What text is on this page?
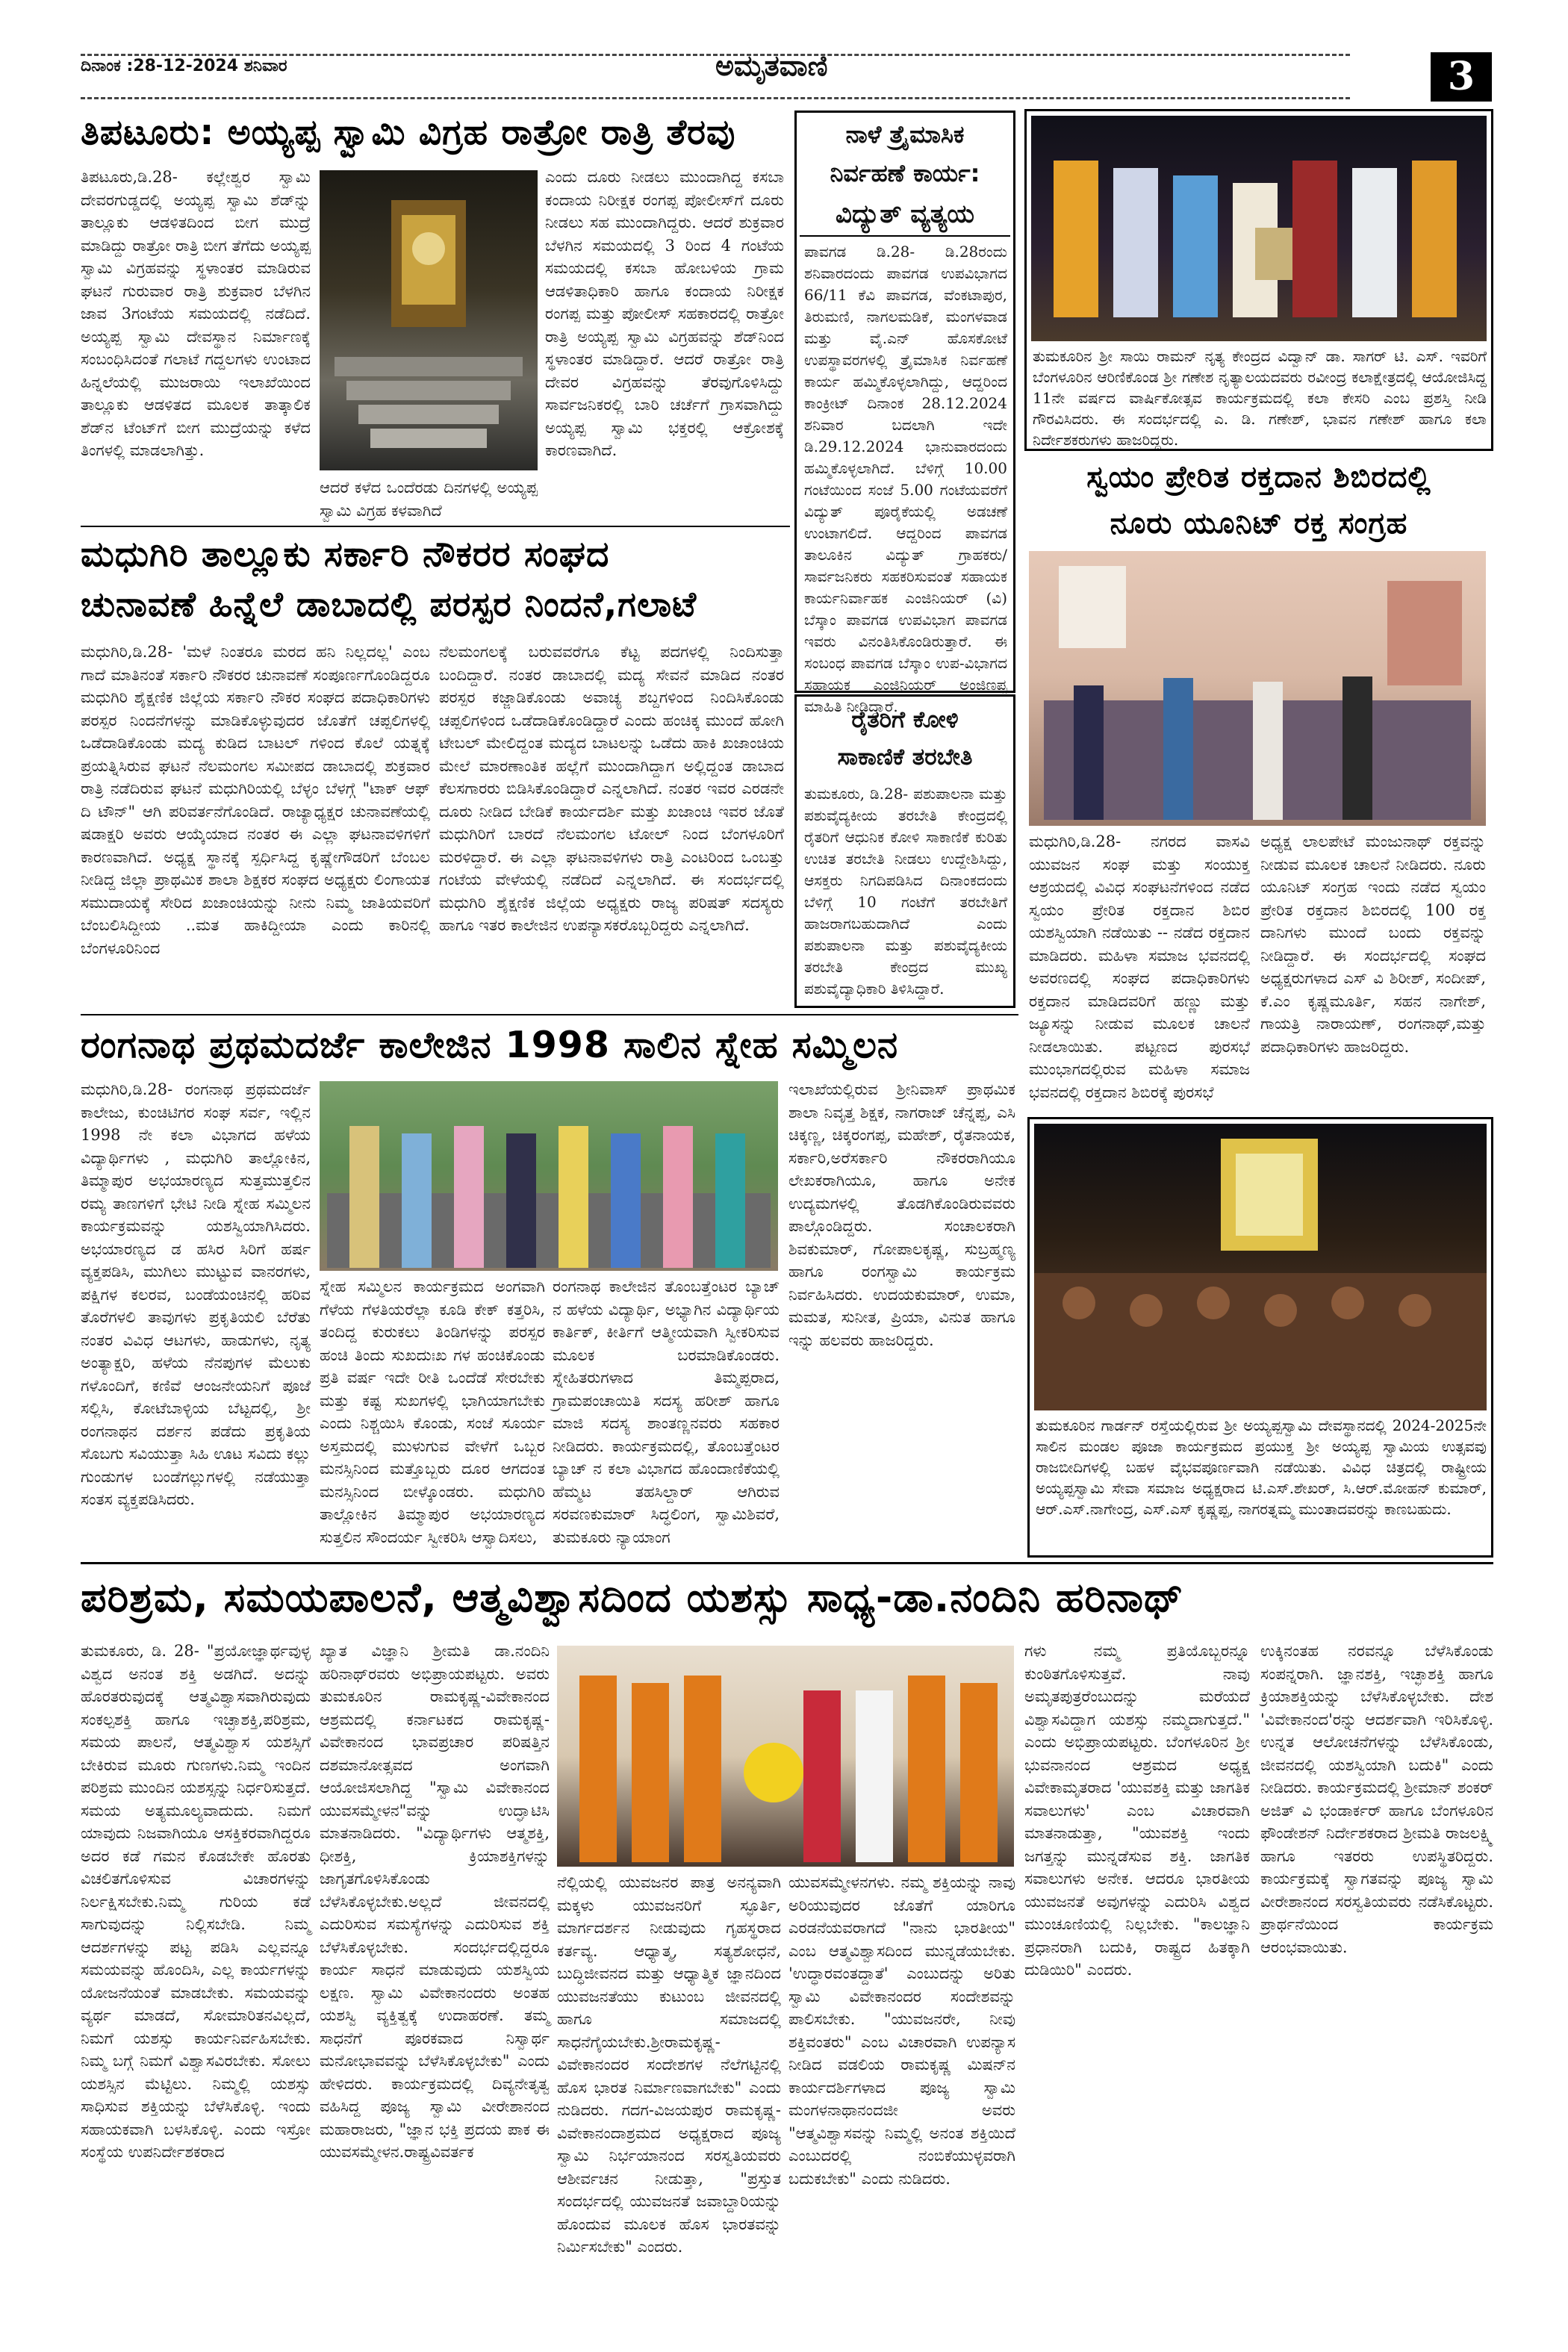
ದಿನಾಂಕ :28-12-2024 ಶನಿವಾರ	ಅಮೃತವಾಣಿ	3
ತಿಪಟೂರು: ಅಯ್ಯಪ್ಪ ಸ್ವಾಮಿ ವಿಗ್ರಹ ರಾತ್ರೋ ರಾತ್ರಿ ತೆರವು
ತಿಪಟೂರು,ಡಿ.28- ಕಲ್ಲೇಶ್ವರ ಸ್ವಾಮಿ ದೇವರಗುಡ್ಡದಲ್ಲಿ ಅಯ್ಯಪ್ಪ ಸ್ವಾಮಿ ಶೆಡ್‌ನ್ನು ತಾಲ್ಲೂಕು ಆಡಳಿತದಿಂದ ಬೀಗ ಮುದ್ರೆ ಮಾಡಿದ್ದು ರಾತ್ರೋ ರಾತ್ರಿ ಬೀಗ ತೆಗೆದು ಅಯ್ಯಪ್ಪ ಸ್ವಾಮಿ ವಿಗ್ರಹವನ್ನು ಸ್ಥಳಾಂತರ ಮಾಡಿರುವ ಘಟನೆ ಗುರುವಾರ ರಾತ್ರಿ ಶುಕ್ರವಾರ ಬೆಳಗಿನ ಜಾವ 3ಗಂಟೆಯ ಸಮಯದಲ್ಲಿ ನಡೆದಿದೆ. ಅಯ್ಯಪ್ಪ ಸ್ವಾಮಿ ದೇವಸ್ಥಾನ ನಿರ್ಮಾಣಕ್ಕೆ ಸಂಬಂಧಿಸಿದಂತೆ ಗಲಾಟೆ ಗದ್ದಲಗಳು ಉಂಟಾದ ಹಿನ್ನಲೆಯಲ್ಲಿ ಮುಜರಾಯಿ ಇಲಾಖೆಯಿಂದ ತಾಲ್ಲೂಕು ಆಡಳಿತದ ಮೂಲಕ ತಾತ್ಕಾಲಿಕ ಶೆಡ್‌ನ ಟೆಂಟ್‌ಗೆ ಬೀಗ ಮುದ್ರೆಯನ್ನು ಕಳೆದ ತಿಂಗಳಲ್ಲಿ ಮಾಡಲಾಗಿತ್ತು.
ಆದರೆ ಕಳೆದ ಒಂದೆರಡು ದಿನಗಳಲ್ಲಿ ಅಯ್ಯಪ್ಪ ಸ್ವಾಮಿ ವಿಗ್ರಹ ಕಳವಾಗಿದೆ
ಎಂದು ದೂರು ನೀಡಲು ಮುಂದಾಗಿದ್ದ ಕಸಬಾ ಕಂದಾಯ ನಿರೀಕ್ಷಕ ರಂಗಪ್ಪ ಪೋಲೀಸ್‌ಗೆ ದೂರು ನೀಡಲು ಸಹ ಮುಂದಾಗಿದ್ದರು. ಆದರೆ ಶುಕ್ರವಾರ ಬೆಳಗಿನ ಸಮಯದಲ್ಲಿ 3 ರಿಂದ 4 ಗಂಟೆಯ ಸಮಯದಲ್ಲಿ ಕಸಬಾ ಹೋಬಳಿಯ ಗ್ರಾಮ ಆಡಳಿತಾಧಿಕಾರಿ ಹಾಗೂ ಕಂದಾಯ ನಿರೀಕ್ಷಕ ರಂಗಪ್ಪ ಮತ್ತು ಪೋಲೀಸ್ ಸಹಕಾರದಲ್ಲಿ ರಾತ್ರೋ ರಾತ್ರಿ ಅಯ್ಯಪ್ಪ ಸ್ವಾಮಿ ವಿಗ್ರಹವನ್ನು ಶೆಡ್‌ನಿಂದ ಸ್ಥಳಾಂತರ ಮಾಡಿದ್ದಾರೆ. ಆದರೆ ರಾತ್ರೋ ರಾತ್ರಿ ದೇವರ ವಿಗ್ರಹವನ್ನು ತೆರವುಗೊಳಿಸಿದ್ದು ಸಾರ್ವಜನಿಕರಲ್ಲಿ ಬಾರಿ ಚರ್ಚೆಗೆ ಗ್ರಾಸವಾಗಿದ್ದು ಅಯ್ಯಪ್ಪ ಸ್ವಾಮಿ ಭಕ್ತರಲ್ಲಿ ಆಕ್ರೋಶಕ್ಕೆ ಕಾರಣವಾಗಿದೆ.
ಮಧುಗಿರಿ ತಾಲ್ಲೂಕು ಸರ್ಕಾರಿ ನೌಕರರ ಸಂಘದ
ಚುನಾವಣೆ ಹಿನ್ನೆಲೆ ಡಾಬಾದಲ್ಲಿ ಪರಸ್ಪರ ನಿಂದನೆ,ಗಲಾಟೆ
ಮಧುಗಿರಿ,ಡಿ.28- 'ಮಳೆ ನಿಂತರೂ ಮರದ ಹನಿ ನಿಲ್ಲದಲ್ಲ' ಎಂಬ ಗಾದೆ ಮಾತಿನಂತೆ ಸರ್ಕಾರಿ ನೌಕರರ ಚುನಾವಣೆ ಸಂಪೂರ್ಣಗೊಂಡಿದ್ದರೂ ಮಧುಗಿರಿ ಶೈಕ್ಷಣಿಕ ಜಿಲ್ಲೆಯ ಸರ್ಕಾರಿ ನೌಕರ ಸಂಘದ ಪದಾಧಿಕಾರಿಗಳು ಪರಸ್ಪರ ನಿಂದನೆಗಳನ್ನು ಮಾಡಿಕೊಳ್ಳುವುದರ ಜೊತೆಗೆ ಚಪ್ಪಲಿಗಳಲ್ಲಿ ಒಡೆದಾಡಿಕೊಂಡು ಮದ್ಯ ಕುಡಿದ ಬಾಟಲ್ ಗಳಿಂದ ಕೊಲೆ ಯತ್ನಕ್ಕೆ ಪ್ರಯತ್ನಿಸಿರುವ ಘಟನೆ ನೆಲಮಂಗಲ ಸಮೀಪದ ಡಾಬಾದಲ್ಲಿ ಶುಕ್ರವಾರ ರಾತ್ರಿ ನಡೆದಿರುವ ಘಟನೆ ಮಧುಗಿರಿಯಲ್ಲಿ ಬೆಳ್ಳಂ ಬೆಳಗ್ಗೆ "ಟಾಕ್ ಆಫ್ ದಿ ಟೌನ್" ಆಗಿ ಪರಿವರ್ತನೆಗೊಂಡಿದೆ. ರಾಜ್ಯಾಧ್ಯಕ್ಷರ ಚುನಾವಣೆಯಲ್ಲಿ ಷಡಾಕ್ಷರಿ ಅವರು ಆಯ್ಕೆಯಾದ ನಂತರ ಈ ಎಲ್ಲಾ ಘಟನಾವಳಿಗಳಿಗೆ ಕಾರಣವಾಗಿದೆ. ಅಧ್ಯಕ್ಷ ಸ್ಥಾನಕ್ಕೆ ಸ್ಪರ್ಧಿಸಿದ್ದ ಕೃಷ್ಣೇಗೌಡರಿಗೆ ಬೆಂಬಲ ನೀಡಿದ್ದ ಜಿಲ್ಲಾ ಪ್ರಾಥಮಿಕ ಶಾಲಾ ಶಿಕ್ಷಕರ ಸಂಘದ ಅಧ್ಯಕ್ಷರು ಲಿಂಗಾಯತ ಸಮುದಾಯಕ್ಕೆ ಸೇರಿದ ಖಜಾಂಚಿಯನ್ನು ನೀನು ನಿಮ್ಮ ಜಾತಿಯವರಿಗೆ ಬೆಂಬಲಿಸಿದ್ದೀಯ ..ಮತ ಹಾಕಿದ್ದೀಯಾ ಎಂದು ಕಾರಿನಲ್ಲಿ ಬೆಂಗಳೂರಿನಿಂದ
ನೆಲಮಂಗಲಕ್ಕೆ ಬರುವವರೆಗೂ ಕೆಟ್ಟ ಪದಗಳಲ್ಲಿ ನಿಂದಿಸುತ್ತಾ ಬಂದಿದ್ದಾರೆ. ನಂತರ ಡಾಬಾದಲ್ಲಿ ಮದ್ಯ ಸೇವನೆ ಮಾಡಿದ ನಂತರ ಪರಸ್ಪರ ಕಜ್ಜಾಡಿಕೊಂಡು ಅವಾಚ್ಯ ಶಬ್ದಗಳಿಂದ ನಿಂದಿಸಿಕೊಂಡು ಚಪ್ಪಲಿಗಳಿಂದ ಒಡೆದಾಡಿಕೊಂಡಿದ್ದಾರೆ ಎಂದು ಹಂಚಿಕ್ಕ ಮುಂದೆ ಹೋಗಿ ಟೇಬಲ್ ಮೇಲಿದ್ದಂತ ಮದ್ಯದ ಬಾಟಲನ್ನು ಒಡೆದು ಹಾಕಿ ಖಜಾಂಚಿಯ ಮೇಲೆ ಮಾರಣಾಂತಿಕ ಹಲ್ಲೆಗೆ ಮುಂದಾಗಿದ್ದಾಗ ಅಲ್ಲಿದ್ದಂತ ಡಾಬಾದ ಕೆಲಸಗಾರರು ಬಿಡಿಸಿಕೊಂಡಿದ್ದಾರೆ ಎನ್ನಲಾಗಿದೆ. ನಂತರ ಇವರ ಎರಡನೇ ದೂರು ನೀಡಿದ ಬೇಡಿಕೆ ಕಾರ್ಯದರ್ಶಿ ಮತ್ತು ಖಜಾಂಚಿ ಇವರ ಜೊತೆ ಮಧುಗಿರಿಗೆ ಬಾರದೆ ನೆಲಮಂಗಲ ಟೋಲ್ ನಿಂದ ಬೆಂಗಳೂರಿಗೆ ಮರಳಿದ್ದಾರೆ. ಈ ಎಲ್ಲಾ ಘಟನಾವಳಿಗಳು ರಾತ್ರಿ ಎಂಟರಿಂದ ಒಂಬತ್ತು ಗಂಟೆಯ ವೇಳೆಯಲ್ಲಿ ನಡೆದಿದೆ ಎನ್ನಲಾಗಿದೆ. ಈ ಸಂದರ್ಭದಲ್ಲಿ ಮಧುಗಿರಿ ಶೈಕ್ಷಣಿಕ ಜಿಲ್ಲೆಯ ಅಧ್ಯಕ್ಷರು ರಾಜ್ಯ ಪರಿಷತ್ ಸದಸ್ಯರು ಹಾಗೂ ಇತರ ಕಾಲೇಜಿನ ಉಪನ್ಯಾಸಕರೊಬ್ಬರಿದ್ದರು ಎನ್ನಲಾಗಿದೆ.
ನಾಳೆ ತ್ರೈಮಾಸಿಕ
ನಿರ್ವಹಣೆ ಕಾರ್ಯ:
ವಿದ್ಯುತ್ ವ್ಯತ್ಯಯ
ಪಾವಗಡ ಡಿ.28- ಡಿ.28ರಂದು ಶನಿವಾರದಂದು ಪಾವಗಡ ಉಪವಿಭಾಗದ 66/11 ಕೆವಿ ಪಾವಗಡ, ವೆಂಕಟಾಪುರ, ತಿರುಮಣಿ, ನಾಗಲಮಡಿಕೆ, ಮಂಗಳವಾಡ ಮತ್ತು ವೈ.ಎನ್ ಹೊಸಕೋಟೆ ಉಪಸ್ಥಾವರಗಳಲ್ಲಿ ತ್ರೈಮಾಸಿಕ ನಿರ್ವಹಣೆ ಕಾರ್ಯ ಹಮ್ಮಿಕೊಳ್ಳಲಾಗಿದ್ದು, ಆದ್ದರಿಂದ ಕಾಂಕ್ರೀಟ್ ದಿನಾಂಕ 28.12.2024 ಶನಿವಾರ ಬದಲಾಗಿ ಇದೇ ಡಿ.29.12.2024 ಭಾನುವಾರದಂದು ಹಮ್ಮಿಕೊಳ್ಳಲಾಗಿದೆ. ಬೆಳಿಗ್ಗೆ 10.00 ಗಂಟೆಯಿಂದ ಸಂಜೆ 5.00 ಗಂಟೆಯವರೆಗೆ ವಿದ್ಯುತ್ ಪೂರೈಕೆಯಲ್ಲಿ ಅಡಚಣೆ ಉಂಟಾಗಲಿದೆ. ಆದ್ದರಿಂದ ಪಾವಗಡ ತಾಲೂಕಿನ ವಿದ್ಯುತ್ ಗ್ರಾಹಕರು/ ಸಾರ್ವಜನಿಕರು ಸಹಕರಿಸುವಂತೆ ಸಹಾಯಕ ಕಾರ್ಯನಿರ್ವಾಹಕ ಎಂಜಿನಿಯರ್ (ವಿ) ಬೆಸ್ಕಾಂ ಪಾವಗಡ ಉಪವಿಭಾಗ ಪಾವಗಡ ಇವರು ವಿನಂತಿಸಿಕೊಂಡಿರುತ್ತಾರೆ. ಈ ಸಂಬಂಧ ಪಾವಗಡ ಬೆಸ್ಕಾಂ ಉಪ-ವಿಭಾಗದ ಸಹಾಯಕ ಎಂಜಿನಿಯರ್ ಅಂಜಿಣಪ್ಪ ಮಾಹಿತಿ ನೀಡಿದ್ದಾರೆ.
ರೈತರಿಗೆ ಕೋಳಿ
ಸಾಕಾಣಿಕೆ ತರಬೇತಿ
ತುಮಕೂರು, ಡಿ.28- ಪಶುಪಾಲನಾ ಮತ್ತು ಪಶುವೈದ್ಯಕೀಯ ತರಬೇತಿ ಕೇಂದ್ರದಲ್ಲಿ ರೈತರಿಗೆ ಆಧುನಿಕ ಕೋಳಿ ಸಾಕಾಣಿಕೆ ಕುರಿತು ಉಚಿತ ತರಬೇತಿ ನೀಡಲು ಉದ್ದೇಶಿಸಿದ್ದು, ಆಸಕ್ತರು ನಿಗದಿಪಡಿಸಿದ ದಿನಾಂಕದಂದು ಬೆಳಿಗ್ಗೆ 10 ಗಂಟೆಗೆ ತರಬೇತಿಗೆ ಹಾಜರಾಗಬಹುದಾಗಿದೆ ಎಂದು ಪಶುಪಾಲನಾ ಮತ್ತು ಪಶುವೈದ್ಯಕೀಯ ತರಬೇತಿ ಕೇಂದ್ರದ ಮುಖ್ಯ ಪಶುವೈದ್ಯಾಧಿಕಾರಿ ತಿಳಿಸಿದ್ದಾರೆ.
ತುಮಕೂರಿನ ಶ್ರೀ ಸಾಯಿ ರಾಮನ್ ನೃತ್ಯ ಕೇಂದ್ರದ ವಿದ್ವಾನ್ ಡಾ. ಸಾಗರ್ ಟಿ. ಎಸ್. ಇವರಿಗೆ ಬೆಂಗಳೂರಿನ ಆರಿಣಿಕೊಂಡ ಶ್ರೀ ಗಣೇಶ ನೃತ್ಯಾಲಯದವರು ರವೀಂದ್ರ ಕಲಾಕ್ಷೇತ್ರದಲ್ಲಿ ಆಯೋಜಿಸಿದ್ದ 11ನೇ ವರ್ಷದ ವಾರ್ಷಿಕೋತ್ಸವ ಕಾರ್ಯಕ್ರಮದಲ್ಲಿ ಕಲಾ ಕೇಸರಿ ಎಂಬ ಪ್ರಶಸ್ತಿ ನೀಡಿ ಗೌರವಿಸಿದರು. ಈ ಸಂದರ್ಭದಲ್ಲಿ ಎ. ಡಿ. ಗಣೇಶ್, ಭಾವನ ಗಣೇಶ್ ಹಾಗೂ ಕಲಾ ನಿರ್ದೇಶಕರುಗಳು ಹಾಜರಿದ್ದರು.
ಸ್ವಯಂ ಪ್ರೇರಿತ ರಕ್ತದಾನ ಶಿಬಿರದಲ್ಲಿ
ನೂರು ಯೂನಿಟ್ ರಕ್ತ ಸಂಗ್ರಹ
ಮಧುಗಿರಿ,ಡಿ.28- ನಗರದ ವಾಸವಿ ಯುವಜನ ಸಂಘ ಮತ್ತು ಸಂಯುಕ್ತ ಆಶ್ರಯದಲ್ಲಿ ವಿವಿಧ ಸಂಘಟನೆಗಳಿಂದ ನಡೆದ ಸ್ವಯಂ ಪ್ರೇರಿತ ರಕ್ತದಾನ ಶಿಬಿರ ಯಶಸ್ವಿಯಾಗಿ ನಡೆಯಿತು -- ನಡೆದ ರಕ್ತದಾನ ಮಾಡಿದರು. ಮಹಿಳಾ ಸಮಾಜ ಭವನದಲ್ಲಿ ಅವರಣದಲ್ಲಿ ಸಂಘದ ಪದಾಧಿಕಾರಿಗಳು ರಕ್ತದಾನ ಮಾಡಿದವರಿಗೆ ಹಣ್ಣು ಮತ್ತು ಜ್ಯೂಸನ್ನು ನೀಡುವ ಮೂಲಕ ಚಾಲನೆ ನೀಡಲಾಯಿತು. ಪಟ್ಟಣದ ಪುರಸಭೆ ಮುಂಭಾಗದಲ್ಲಿರುವ ಮಹಿಳಾ ಸಮಾಜ ಭವನದಲ್ಲಿ ರಕ್ತದಾನ ಶಿಬಿರಕ್ಕೆ ಪುರಸಭೆ
ಅಧ್ಯಕ್ಷ ಲಾಲಪೇಟೆ ಮಂಜುನಾಥ್ ರಕ್ತವನ್ನು ನೀಡುವ ಮೂಲಕ ಚಾಲನೆ ನೀಡಿದರು. ನೂರು ಯೂನಿಟ್ ಸಂಗ್ರಹ ಇಂದು ನಡೆದ ಸ್ವಯಂ ಪ್ರೇರಿತ ರಕ್ತದಾನ ಶಿಬಿರದಲ್ಲಿ 100 ರಕ್ತ ದಾನಿಗಳು ಮುಂದೆ ಬಂದು ರಕ್ತವನ್ನು ನೀಡಿದ್ದಾರೆ. ಈ ಸಂದರ್ಭದಲ್ಲಿ ಸಂಘದ ಅಧ್ಯಕ್ಷರುಗಳಾದ ಎಸ್ ವಿ ಶಿರೀಶ್, ಸಂದೀಪ್, ಕೆ.ಎಂ ಕೃಷ್ಣಮೂರ್ತಿ, ಸಹನ ನಾಗೇಶ್, ಗಾಯತ್ರಿ ನಾರಾಯಣ್, ರಂಗನಾಥ್,ಮತ್ತು ಪದಾಧಿಕಾರಿಗಳು ಹಾಜರಿದ್ದರು.
ರಂಗನಾಥ ಪ್ರಥಮದರ್ಜೆ ಕಾಲೇಜಿನ 1998 ಸಾಲಿನ ಸ್ನೇಹ ಸಮ್ಮಿಲನ
ಮಧುಗಿರಿ,ಡಿ.28- ರಂಗನಾಥ ಪ್ರಥಮದರ್ಜೆ ಕಾಲೇಜು, ಕುಂಚಿಟಿಗರ ಸಂಘ ಸರ್ವ, ಇಲ್ಲಿನ 1998 ನೇ ಕಲಾ ವಿಭಾಗದ ಹಳೆಯ ವಿದ್ಯಾರ್ಥಿಗಳು , ಮಧುಗಿರಿ ತಾಲ್ಲೋಕಿನ, ತಿಮ್ಮಾಪುರ ಅಭಯಾರಣ್ಯದ ಸುತ್ತಮುತ್ತಲಿನ ರಮ್ಯ ತಾಣಗಳಿಗೆ ಭೇಟಿ ನೀಡಿ ಸ್ನೇಹ ಸಮ್ಮಿಲನ ಕಾರ್ಯಕ್ರಮವನ್ನು ಯಶಸ್ವಿಯಾಗಿಸಿದರು. ಅಭಯಾರಣ್ಯದ ಡ ಹಸಿರ ಸಿರಿಗೆ ಹರ್ಷ ವ್ಯಕ್ತಪಡಿಸಿ, ಮುಗಿಲು ಮುಟ್ಟುವ ವಾನರಗಳು, ಪಕ್ಷಿಗಳ ಕಲರವ, ಬಂಡೆಯಂಚಿನಲ್ಲಿ ಹರಿವ ತೊರೆಗಳಲಿ ತಾವುಗಳು ಪ್ರಕೃತಿಯಲಿ ಬೆರೆತು ನಂತರ ವಿವಿಧ ಆಟಗಳು, ಹಾಡುಗಳು, ನೃತ್ಯ ಅಂತ್ಯಾಕ್ಷರಿ, ಹಳೆಯ ನೆನಪುಗಳ ಮೆಲುಕು ಗಳೊಂದಿಗೆ, ಕಣಿವೆ ಆಂಜನೇಯನಿಗೆ ಪೂಜೆ ಸಲ್ಲಿಸಿ, ಕೋಟೆಬಾಳ್ಳಿಯ ಬೆಟ್ಟದಲ್ಲಿ, ಶ್ರೀ ರಂಗನಾಥನ ದರ್ಶನ ಪಡೆದು ಪ್ರಕೃತಿಯ ಸೊಬಗು ಸವಿಯುತ್ತಾ ಸಿಹಿ ಊಟ ಸವಿದು ಕಲ್ಲು ಗುಂಡುಗಳ ಬಂಡೆಗಲ್ಲುಗಳಲ್ಲಿ ನಡೆಯುತ್ತಾ ಸಂತಸ ವ್ಯಕ್ತಪಡಿಸಿದರು.
ಸ್ನೇಹ ಸಮ್ಮಿಲನ ಕಾರ್ಯಕ್ರಮದ ಅಂಗವಾಗಿ ಗೆಳೆಯ ಗೆಳತಿಯರೆಲ್ಲಾ ಕೂಡಿ ಕೇಕ್ ಕತ್ತರಿಸಿ, ತಂದಿದ್ದ ಕುರುಕಲು ತಿಂಡಿಗಳನ್ನು ಪರಸ್ಪರ ಹಂಚಿ ತಿಂದು ಸುಖದುಃಖ ಗಳ ಹಂಚಿಕೊಂಡು ಪ್ರತಿ ವರ್ಷ ಇದೇ ರೀತಿ ಒಂದೆಡೆ ಸೇರಬೇಕು ಮತ್ತು ಕಷ್ಟ ಸುಖಗಳಲ್ಲಿ ಭಾಗಿಯಾಗಬೇಕು ಎಂದು ನಿಶ್ಚಯಿಸಿ ಕೊಂಡು, ಸಂಜೆ ಸೂರ್ಯ ಅಸ್ತಮದಲ್ಲಿ ಮುಳುಗುವ ವೇಳೆಗೆ ಒಬ್ಬರ ಮನಸ್ಸಿನಿಂದ ಮತ್ತೊಬ್ಬರು ದೂರ ಆಗದಂತ ಮನಸ್ಸಿನಿಂದ ಬೀಳ್ಕೊಂಡರು. ಮಧುಗಿರಿ ತಾಲ್ಲೋಕಿನ ತಿಮ್ಮಾಪುರ ಅಭಯಾರಣ್ಯದ ಸುತ್ತಲಿನ ಸೌಂದರ್ಯ ಸ್ವೀಕರಿಸಿ ಆಸ್ವಾದಿಸಲು,
ರಂಗನಾಥ ಕಾಲೇಜಿನ ತೊಂಬತ್ತೆಂಟರ ಬ್ಯಾಚ್ ನ ಹಳೆಯ ವಿದ್ಯಾರ್ಥಿ, ಅಭ್ಯಾಗಿನ ವಿದ್ಯಾರ್ಥಿಯ ಕಾರ್ತಿಕ್, ಕೀರ್ತಿಗೆ ಆತ್ಮೀಯವಾಗಿ ಸ್ವೀಕರಿಸುವ ಮೂಲಕ ಬರಮಾಡಿಕೊಂಡರು. ಸ್ನೇಹಿತರುಗಳಾದ ತಿಮ್ಮಪ್ಪರಾದ, ಗ್ರಾಮಪಂಚಾಯಿತಿ ಸದಸ್ಯ ಹರೀಶ್ ಹಾಗೂ ಮಾಜಿ ಸದಸ್ಯ ಶಾಂತಣ್ಣನವರು ಸಹಕಾರ ನೀಡಿದರು. ಕಾರ್ಯಕ್ರಮದಲ್ಲಿ, ತೊಂಬತ್ತೆಂಟರ ಬ್ಯಾಚ್ ನ ಕಲಾ ವಿಭಾಗದ ಹೊಂದಾಣಿಕೆಯಲ್ಲಿ ಹೆಮ್ಮಟ ತಹಸಿಲ್ದಾರ್ ಆಗಿರುವ ಸರವಣಕುಮಾರ್ ಸಿದ್ಧಲಿಂಗ, ಸ್ವಾಮಿಶಿವರೆ, ತುಮಕೂರು ನ್ಯಾಯಾಂಗ
ಇಲಾಖೆಯಲ್ಲಿರುವ ಶ್ರೀನಿವಾಸ್ ಪ್ರಾಥಮಿಕ ಶಾಲಾ ನಿವೃತ್ತ ಶಿಕ್ಷಕ, ನಾಗರಾಜ್ ಚೆನ್ನಪ್ಪ, ಎಸಿ ಚಿಕ್ಕಣ್ಣ, ಚಿಕ್ಕರಂಗಪ್ಪ, ಮಹೇಶ್, ರೈತನಾಯಕ, ಸರ್ಕಾರಿ,ಅರೆಸರ್ಕಾರಿ ನೌಕರರಾಗಿಯೂ ಲೇಖಕರಾಗಿಯೂ, ಹಾಗೂ ಅನೇಕ ಉದ್ಯಮಗಳಲ್ಲಿ ತೊಡಗಿಕೊಂಡಿರುವವರು ಪಾಲ್ಗೊಂಡಿದ್ದರು. ಸಂಚಾಲಕರಾಗಿ ಶಿವಕುಮಾರ್, ಗೋಪಾಲಕೃಷ್ಣ, ಸುಬ್ರಹ್ಮಣ್ಯ ಹಾಗೂ ರಂಗಸ್ವಾಮಿ ಕಾರ್ಯಕ್ರಮ ನಿರ್ವಹಿಸಿದರು. ಉದಯಕುಮಾರ್, ಉಮಾ, ಮಮತ, ಸುನೀತ, ಪ್ರಿಯಾ, ವಿನುತ ಹಾಗೂ ಇನ್ನು ಹಲವರು ಹಾಜರಿದ್ದರು.
ತುಮಕೂರಿನ ಗಾರ್ಡನ್ ರಸ್ತೆಯಲ್ಲಿರುವ ಶ್ರೀ ಅಯ್ಯಪ್ಪಸ್ವಾಮಿ ದೇವಸ್ಥಾನದಲ್ಲಿ 2024-2025ನೇ ಸಾಲಿನ ಮಂಡಲ ಪೂಜಾ ಕಾರ್ಯಕ್ರಮದ ಪ್ರಯುಕ್ತ ಶ್ರೀ ಅಯ್ಯಪ್ಪ ಸ್ವಾಮಿಯ ಉತ್ಸವವು ರಾಜಬೀದಿಗಳಲ್ಲಿ ಬಹಳ ವೈಭವಪೂರ್ಣವಾಗಿ ನಡೆಯಿತು. ವಿವಿಧ ಚಿತ್ರದಲ್ಲಿ ರಾಷ್ಟ್ರೀಯ ಅಯ್ಯಪ್ಪಸ್ವಾಮಿ ಸೇವಾ ಸಮಾಜ ಅಧ್ಯಕ್ಷರಾದ ಟಿ.ಎಸ್.ಶೇಖರ್, ಸಿ.ಆರ್.ಮೋಹನ್ ಕುಮಾರ್, ಆರ್.ಎಸ್.ನಾಗೇಂದ್ರ, ಎಸ್.ಎಸ್ ಕೃಷ್ಣಪ್ಪ, ನಾಗರತ್ನಮ್ಮ ಮುಂತಾದವರನ್ನು ಕಾಣಬಹುದು.
ಪರಿಶ್ರಮ, ಸಮಯಪಾಲನೆ, ಆತ್ಮವಿಶ್ವಾಸದಿಂದ ಯಶಸ್ಸು ಸಾಧ್ಯ-ಡಾ.ನಂದಿನಿ ಹರಿನಾಥ್
ತುಮಕೂರು, ಡಿ. 28- "ಪ್ರಯೋಜ್ಞಾರ್ಥವುಳ್ಳ ವಿಶ್ವದ ಅನಂತ ಶಕ್ತಿ ಅಡಗಿದೆ. ಅದನ್ನು ಹೊರತರುವುದಕ್ಕೆ ಆತ್ಮವಿಶ್ವಾಸವಾಗಿರುವುದು ಸಂಕಲ್ಪಶಕ್ತಿ ಹಾಗೂ ಇಚ್ಛಾಶಕ್ತಿ,ಪರಿಶ್ರಮ, ಸಮಯ ಪಾಲನೆ, ಆತ್ಮವಿಶ್ವಾಸ ಯಶಸ್ಸಿಗೆ ಬೇಕಿರುವ ಮೂರು ಗುಣಗಳು.ನಿಮ್ಮ ಇಂದಿನ ಪರಿಶ್ರಮ ಮುಂದಿನ ಯಶಸ್ಸನ್ನು ನಿರ್ಧರಿಸುತ್ತದೆ. ಸಮಯ ಅತ್ಯಮೂಲ್ಯವಾದುದು. ನಿಮಗೆ ಯಾವುದು ನಿಜವಾಗಿಯೂ ಆಸಕ್ತಿಕರವಾಗಿದ್ದರೂ ಅದರ ಕಡೆ ಗಮನ ಕೊಡಬೇಕೇ ಹೊರತು ವಿಚಲಿತಗೊಳಿಸುವ ವಿಚಾರಗಳನ್ನು ನಿರ್ಲಕ್ಷಿಸಬೇಕು.ನಿಮ್ಮ ಗುರಿಯ ಕಡೆ ಸಾಗುವುದನ್ನು ನಿಲ್ಲಿಸಬೇಡಿ. ನಿಮ್ಮ ಆದರ್ಶಗಳನ್ನು ಪಟ್ಟ ಪಡಿಸಿ ಎಲ್ಲವನ್ನೂ ಸಮಯವನ್ನು ಹೊಂದಿಸಿ, ಎಲ್ಲ ಕಾರ್ಯಗಳನ್ನು ಯೋಜನೆಯಂತೆ ಮಾಡಬೇಕು. ಸಮಯವನ್ನು ವ್ಯರ್ಥ ಮಾಡದೆ, ಸೋಮಾರಿತನವಿಲ್ಲದೆ, ನಿಮಗೆ ಯಶಸ್ಸು ಕಾರ್ಯನಿರ್ವಹಿಸಬೇಕು. ನಿಮ್ಮ ಬಗ್ಗೆ ನಿಮಗೆ ವಿಶ್ವಾಸವಿರಬೇಕು. ಸೋಲು ಯಶಸ್ಸಿನ ಮೆಟ್ಟಿಲು. ನಿಮ್ಮಲ್ಲಿ ಯಶಸ್ಸು ಸಾಧಿಸುವ ಶಕ್ತಿಯನ್ನು ಬೆಳೆಸಿಕೊಳ್ಳಿ. ಇಂದು ಸಹಾಯಕವಾಗಿ ಬಳಸಿಕೊಳ್ಳಿ. ಎಂದು ಇಸ್ರೋ ಸಂಸ್ಥೆಯ ಉಪನಿರ್ದೇಶಕರಾದ
ಖ್ಯಾತ ವಿಜ್ಞಾನಿ ಶ್ರೀಮತಿ ಡಾ.ನಂದಿನಿ ಹರಿನಾಥ್‌ರವರು ಅಭಿಪ್ರಾಯಪಟ್ಟರು. ಅವರು ತುಮಕೂರಿನ ರಾಮಕೃಷ್ಣ-ವಿವೇಕಾನಂದ ಆಶ್ರಮದಲ್ಲಿ ಕರ್ನಾಟಕದ ರಾಮಕೃಷ್ಣ-ವಿವೇಕಾನಂದ ಭಾವಪ್ರಚಾರ ಪರಿಷತ್ತಿನ ದಶಮಾನೋತ್ಸವದ ಅಂಗವಾಗಿ ಆಯೋಜಿಸಲಾಗಿದ್ದ "ಸ್ವಾಮಿ ವಿವೇಕಾನಂದ ಯುವಸಮ್ಮೇಳನ"ವನ್ನು ಉದ್ಘಾಟಿಸಿ ಮಾತನಾಡಿದರು. "ವಿದ್ಯಾರ್ಥಿಗಳು ಆತ್ಮಶಕ್ತಿ, ಧೀಶಕ್ತಿ, ಕ್ರಿಯಾಶಕ್ತಿಗಳನ್ನು ಜಾಗೃತಗೊಳಿಸಿಕೊಂಡು ಬೆಳೆಸಿಕೊಳ್ಳಬೇಕು.ಅಲ್ಲದೆ ಜೀವನದಲ್ಲಿ ಎದುರಿಸುವ ಸಮಸ್ಯೆಗಳನ್ನು ಎದುರಿಸುವ ಶಕ್ತಿ ಬೆಳೆಸಿಕೊಳ್ಳಬೇಕು. ಸಂದರ್ಭದಲ್ಲಿದ್ದರೂ ಕಾರ್ಯ ಸಾಧನೆ ಮಾಡುವುದು ಯಶಸ್ವಿಯ ಲಕ್ಷಣ. ಸ್ವಾಮಿ ವಿವೇಕಾನಂದರು ಅಂತಹ ಯಶಸ್ವಿ ವ್ಯಕ್ತಿತ್ವಕ್ಕೆ ಉದಾಹರಣೆ. ತಮ್ಮ ಸಾಧನೆಗೆ ಪೂರಕವಾದ ನಿಸ್ವಾರ್ಥ ಮನೋಭಾವವನ್ನು ಬೆಳೆಸಿಕೊಳ್ಳಬೇಕು" ಎಂದು ಹೇಳಿದರು. ಕಾರ್ಯಕ್ರಮದಲ್ಲಿ ದಿವ್ಯನೇತೃತ್ವ ವಹಿಸಿದ್ದ ಪೂಜ್ಯ ಸ್ವಾಮಿ ವೀರೇಶಾನಂದ ಮಹಾರಾಜರು, "ಜ್ಞಾನ ಭಕ್ತಿ ಪ್ರದಯ ಪಾಕ ಈ ಯುವಸಮ್ಮೇಳನ.ರಾಷ್ಟ್ರವಿವರ್ತಕ
ನೆಲ್ಲಿಯಲ್ಲಿ ಯುವಜನರ ಪಾತ್ರ ಅನನ್ಯವಾಗಿ ಮಕ್ಕಳು ಯುವಜನರಿಗೆ ಸ್ಫೂರ್ತಿ, ಮಾರ್ಗದರ್ಶನ ನೀಡುವುದು ಗೃಹಸ್ಥರಾದ ಕರ್ತವ್ಯ. ಆಧ್ಯಾತ್ಮ, ಸತ್ಯಶೋಧನೆ, ಬುದ್ಧಿಜೀವನದ ಮತ್ತು ಆಧ್ಯಾತ್ಮಿಕ ಜ್ಞಾನದಿಂದ ಯುವಜನತೆಯು ಕುಟುಂಬ ಜೀವನದಲ್ಲಿ ಹಾಗೂ ಸಮಾಜದಲ್ಲಿ ಸಾಧನೆಗೈಯಬೇಕು.ಶ್ರೀರಾಮಕೃಷ್ಣ-ವಿವೇಕಾನಂದರ ಸಂದೇಶಗಳ ನೆಲೆಗಟ್ಟಿನಲ್ಲಿ ಹೊಸ ಭಾರತ ನಿರ್ಮಾಣವಾಗಬೇಕು" ಎಂದು ನುಡಿದರು. ಗದಗ-ವಿಜಯಪುರ ರಾಮಕೃಷ್ಣ-ವಿವೇಕಾನಂದಾಶ್ರಮದ ಅಧ್ಯಕ್ಷರಾದ ಪೂಜ್ಯ ಸ್ವಾಮಿ ನಿರ್ಭಯಾನಂದ ಸರಸ್ವತಿಯವರು ಆಶೀರ್ವಚನ ನೀಡುತ್ತಾ, "ಪ್ರಸ್ತುತ ಸಂದರ್ಭದಲ್ಲಿ ಯುವಜನತೆ ಜವಾಬ್ದಾರಿಯನ್ನು ಹೊಂದುವ ಮೂಲಕ ಹೊಸ ಭಾರತವನ್ನು ನಿರ್ಮಿಸಬೇಕು" ಎಂದರು.
ಯುವಸಮ್ಮೇಳನಗಳು. ನಮ್ಮ ಶಕ್ತಿಯನ್ನು ನಾವು ಅರಿಯುವುದರ ಜೊತೆಗೆ ಯಾರಿಗೂ ಎರಡನೆಯವರಾಗದೆ "ನಾನು ಭಾರತೀಯ" ಎಂಬ ಆತ್ಮವಿಶ್ವಾಸದಿಂದ ಮುನ್ನಡೆಯಬೇಕು. 'ಉದ್ಧಾರವಂತದ್ದಾತೆ' ಎಂಬುದನ್ನು ಅರಿತು ಸ್ವಾಮಿ ವಿವೇಕಾನಂದರ ಸಂದೇಶವನ್ನು ಪಾಲಿಸಬೇಕು. "ಯುವಜನರೇ, ನೀವು ಶಕ್ತಿವಂತರು" ಎಂಬ ವಿಚಾರವಾಗಿ ಉಪನ್ಯಾಸ ನೀಡಿದ ವಡಲಿಯ ರಾಮಕೃಷ್ಣ ಮಿಷನ್‌ನ ಕಾರ್ಯದರ್ಶಿಗಳಾದ ಪೂಜ್ಯ ಸ್ವಾಮಿ ಮಂಗಳನಾಥಾನಂದಜೀ ಅವರು "ಆತ್ಮವಿಶ್ವಾಸವನ್ನು ನಿಮ್ಮಲ್ಲಿ ಅನಂತ ಶಕ್ತಿಯಿದೆ ಎಂಬುದರಲ್ಲಿ ನಂಬಿಕೆಯುಳ್ಳವರಾಗಿ ಬದುಕಬೇಕು" ಎಂದು ನುಡಿದರು.
ಗಳು ನಮ್ಮ ಪ್ರತಿಯೊಬ್ಬರನ್ನೂ ಕುಂಠಿತಗೊಳಿಸುತ್ತವೆ. ನಾವು ಅಮೃತಪುತ್ರರೆಂಬುದನ್ನು ಮರೆಯದೆ ವಿಶ್ವಾಸವಿದ್ದಾಗ ಯಶಸ್ಸು ನಮ್ಮದಾಗುತ್ತದೆ." ಎಂದು ಅಭಿಪ್ರಾಯಪಟ್ಟರು. ಬೆಂಗಳೂರಿನ ಶ್ರೀ ಭುವನಾನಂದ ಆಶ್ರಮದ ಅಧ್ಯಕ್ಷ ವಿವೇಕಾಮೃತರಾದ 'ಯುವಶಕ್ತಿ ಮತ್ತು ಜಾಗತಿಕ ಸವಾಲುಗಳು' ಎಂಬ ವಿಚಾರವಾಗಿ ಮಾತನಾಡುತ್ತಾ, "ಯುವಶಕ್ತಿ ಇಂದು ಜಗತ್ತನ್ನು ಮುನ್ನಡೆಸುವ ಶಕ್ತಿ. ಜಾಗತಿಕ ಸವಾಲುಗಳು ಅನೇಕ. ಆದರೂ ಭಾರತೀಯ ಯುವಜನತೆ ಅವುಗಳನ್ನು ಎದುರಿಸಿ ವಿಶ್ವದ ಮುಂಚೂಣಿಯಲ್ಲಿ ನಿಲ್ಲಬೇಕು. "ಕಾಲಜ್ಞಾನಿ ಪ್ರಧಾನರಾಗಿ ಬದುಕಿ, ರಾಷ್ಟ್ರದ ಹಿತಕ್ಕಾಗಿ ದುಡಿಯಿರಿ" ಎಂದರು.
ಉಕ್ಕಿನಂತಹ ನರವನ್ನೂ ಬೆಳೆಸಿಕೊಂಡು ಸಂಪನ್ನರಾಗಿ. ಜ್ಞಾನಶಕ್ತಿ, ಇಚ್ಛಾಶಕ್ತಿ ಹಾಗೂ ಕ್ರಿಯಾಶಕ್ತಿಯನ್ನು ಬೆಳೆಸಿಕೊಳ್ಳಬೇಕು. ದೇಶ 'ವಿವೇಕಾನಂದ'ರನ್ನು ಆದರ್ಶವಾಗಿ ಇರಿಸಿಕೊಳ್ಳಿ. ಉನ್ನತ ಆಲೋಚನೆಗಳನ್ನು ಬೆಳೆಸಿಕೊಂಡು, ಜೀವನದಲ್ಲಿ ಯಶಸ್ವಿಯಾಗಿ ಬದುಕಿ" ಎಂದು ನೀಡಿದರು. ಕಾರ್ಯಕ್ರಮದಲ್ಲಿ ಶ್ರೀಮಾನ್ ಶಂಕರ್ ಅಜಿತ್ ವಿ ಭಂಡಾರ್ಕರ್ ಹಾಗೂ ಬೆಂಗಳೂರಿನ ಫೌಂಡೇಶನ್ ನಿರ್ದೇಶಕರಾದ ಶ್ರೀಮತಿ ರಾಜಲಕ್ಷ್ಮಿ ಹಾಗೂ ಇತರರು ಉಪಸ್ಥಿತರಿದ್ದರು. ಕಾರ್ಯಕ್ರಮಕ್ಕೆ ಸ್ವಾಗತವನ್ನು ಪೂಜ್ಯ ಸ್ವಾಮಿ ವೀರೇಶಾನಂದ ಸರಸ್ವತಿಯವರು ನಡೆಸಿಕೊಟ್ಟರು. ಪ್ರಾರ್ಥನೆಯಿಂದ ಕಾರ್ಯಕ್ರಮ ಆರಂಭವಾಯಿತು.
